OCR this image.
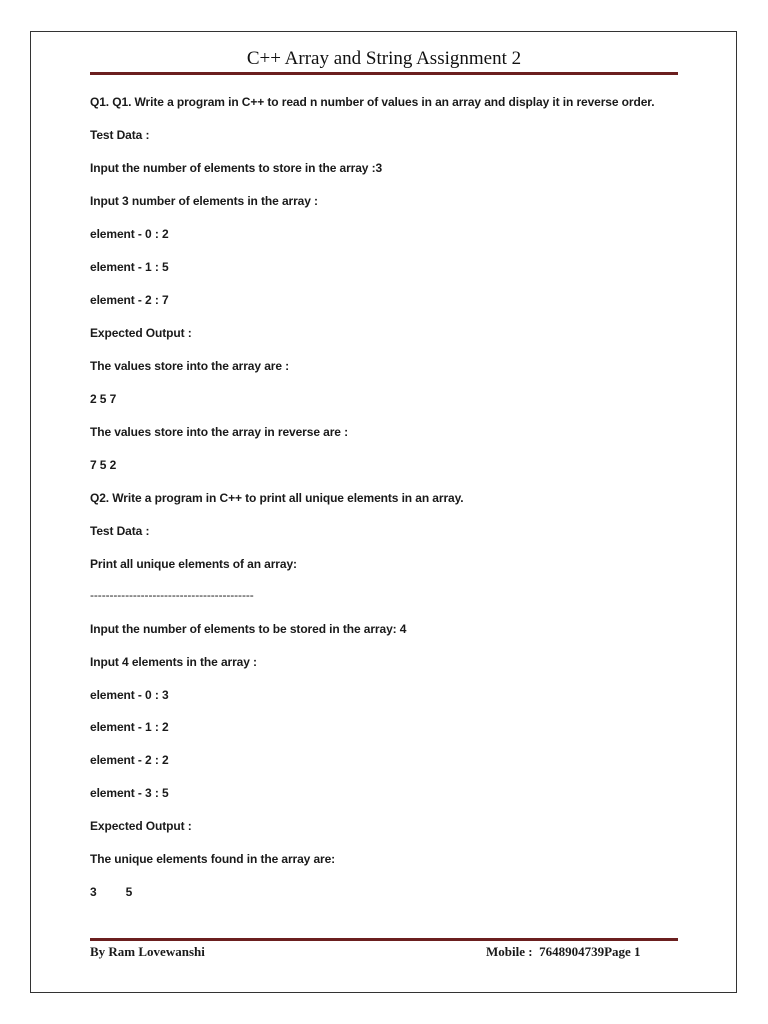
C++ Array and String Assignment 2
Q1. Q1. Write a program in C++ to read n number of values in an array and display it in reverse order.
Test Data :
Input the number of elements to store in the array :3
Input 3 number of elements in the array :
element - 0 : 2
element - 1 : 5
element - 2 : 7
Expected Output :
The values store into the array are :
2 5 7
The values store into the array in reverse are :
7 5 2
Q2. Write a program in C++ to print all unique elements in an array.
Test Data :
Print all unique elements of an array:
------------------------------------------
Input the number of elements to be stored in the array: 4
Input 4 elements in the array :
element - 0 : 3
element - 1 : 2
element - 2 : 2
element - 3 : 5
Expected Output :
The unique elements found in the array are:
3         5
By Ram Lovewanshi	Mobile :  7648904739Page 1
